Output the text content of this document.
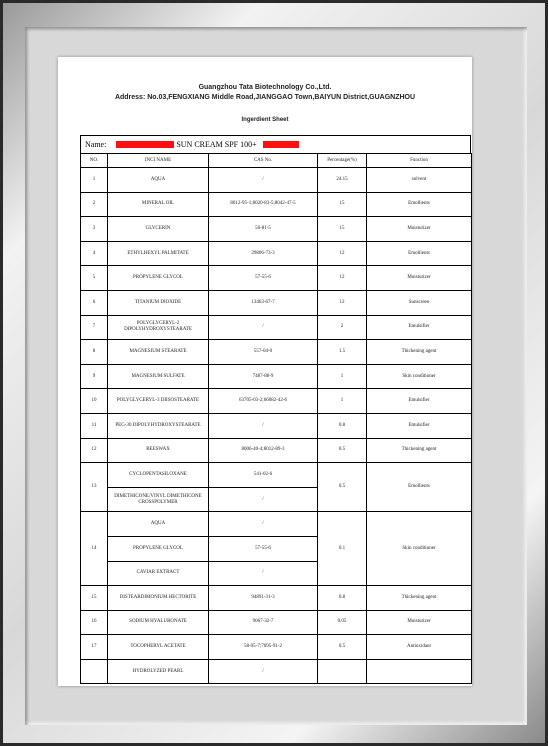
Guangzhou Tata Biotechnology Co.,Ltd.
Address: No.03,FENGXIANG Middle Road,JIANGGAO Town,BAIYUN District,GUAGNZHOU
Ingerdient Sheet
Name:	SUN CREAM SPF 100+
NO.	INCI NAME	CAS No.	Percentage(%)	Function
1	AQUA	/	24.15	solvent
2	MINERAL OIL	8012-95-1;8020-83-5;8042-47-5	15	Emollients
3	GLYCERIN	56-81-5	15	Moisturizer
4	ETHYLHEXYL PALMITATE	29806-73-3	12	Emollients
5	PROPYLENE GLYCOL	57-55-6	12	Moisturizer
6	TITANIUM DIOXIDE	13463-67-7	12	Sunscreen
7	POLYGLYCERYL-2 DIPOLYHYDROXYSTEARATE	/	2	Emulsifier
8	MAGNESIUM STEARATE	557-04-0	1.5	Thickening agent
9	MAGNESIUM SULFATE	7487-88-9	1	Skin conditioner
10	POLYGLYCERYL-3 DIISOSTEARATE	63705-03-2;66082-42-6	1	Emulsifier
11	PEG-30 DIPOLYHYDROXYSTEARATE	/	0.8	Emulsifier
12	BEESWAX	8006-40-4;8012-89-3	0.5	Thickening agent
13	CYCLOPENTASILOXANE	541-02-6	0.5	Emollients
	DIMETHICONE/VINYL DIMETHICONE CROSSPOLYMER	/		
14	AQUA	/	0.1	Skin conditioner
	PROPYLENE GLYCOL	57-55-6		
	CAVIAR EXTRACT	/		
15	DISTEARDIMONIUM HECTORITE	94891-31-3	0.8	Thickening agent
16	SODIUM HYALURONATE	9067-32-7	0.05	Moisturizer
17	TOCOPHERYL ACETATE	58-95-7;7695-91-2	0.5	Antioxidant
	HYDROLYZED PEARL	/		
